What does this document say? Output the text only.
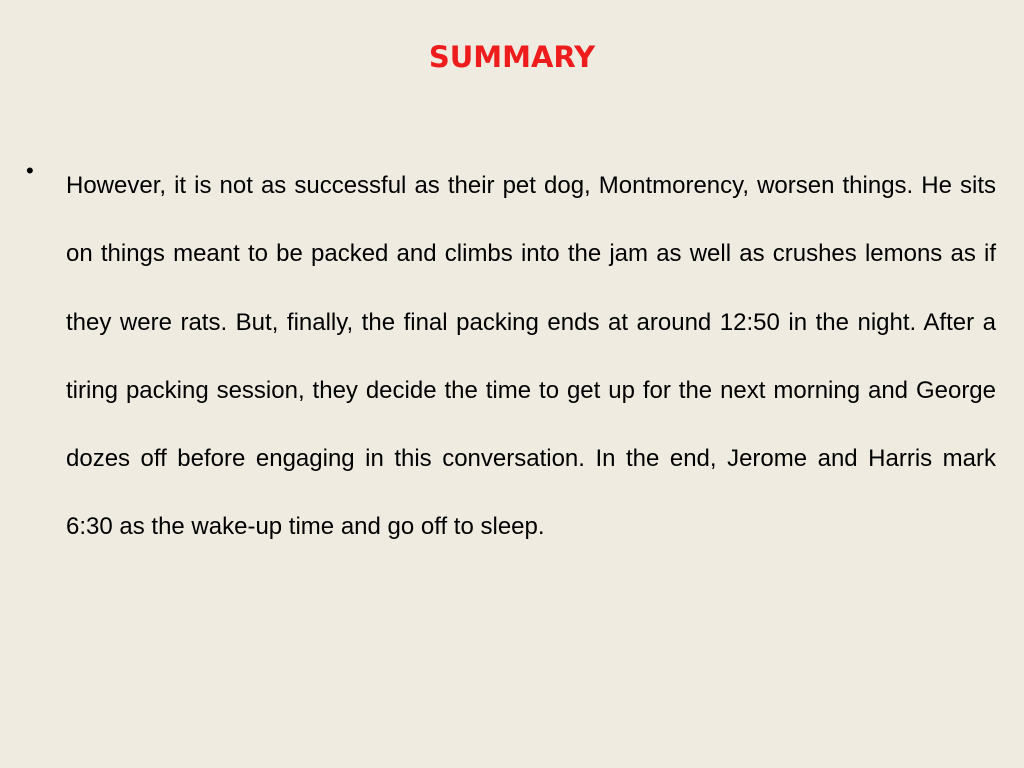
SUMMARY
•

However, it is not as successful as their pet dog, Montmorency, worsen things. He sits on things meant to be packed and climbs into the jam as well as crushes lemons as if they were rats. But, finally, the final packing ends at around 12:50 in the night. After a tiring packing session, they decide the time to get up for the next morning and George dozes off before engaging in this conversation. In the end, Jerome and Harris mark 6:30 as the wake-up time and go off to sleep.
